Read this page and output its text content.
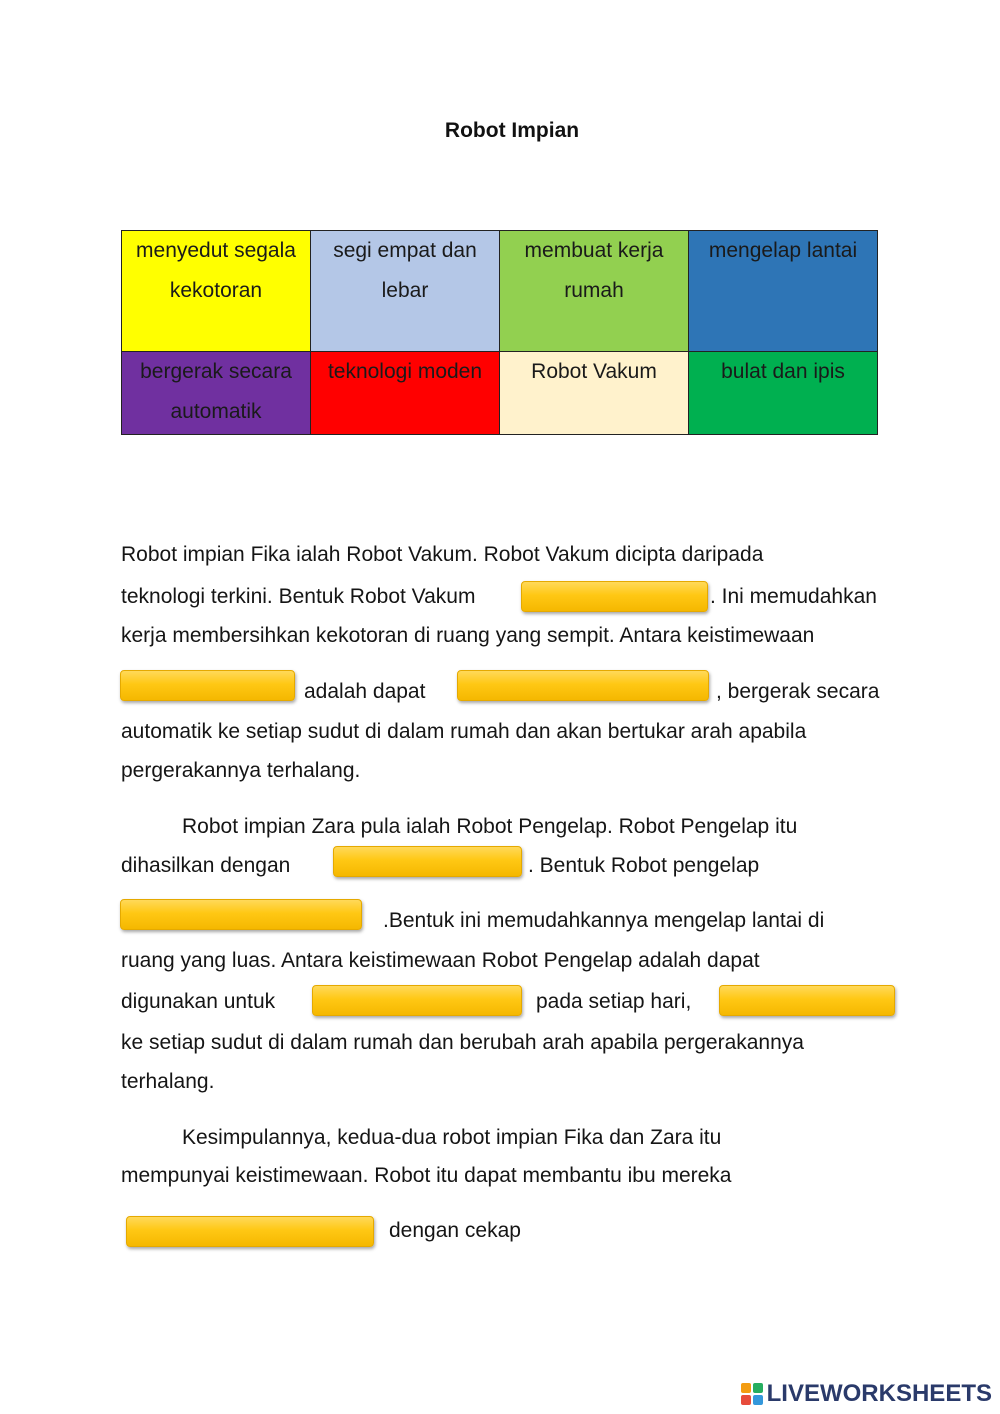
Robot Impian
menyedut segala kekotoran	segi empat dan lebar	membuat kerja rumah	mengelap lantai
bergerak secara automatik	teknologi moden	Robot Vakum	bulat dan ipis
Robot impian Fika ialah Robot Vakum. Robot Vakum dicipta daripada
teknologi terkini. Bentuk Robot Vakum	. Ini memudahkan
kerja membersihkan kekotoran di ruang yang sempit. Antara keistimewaan
adalah dapat	, bergerak secara
automatik ke setiap sudut di dalam rumah dan akan bertukar arah apabila
pergerakannya terhalang.
Robot impian Zara pula ialah Robot Pengelap. Robot Pengelap itu
dihasilkan dengan	. Bentuk Robot pengelap
.Bentuk ini memudahkannya mengelap lantai di
ruang yang luas. Antara keistimewaan Robot Pengelap adalah dapat
digunakan untuk	pada setiap hari,
ke setiap sudut di dalam rumah dan berubah arah apabila pergerakannya
terhalang.
Kesimpulannya, kedua-dua robot impian Fika dan Zara itu
mempunyai keistimewaan. Robot itu dapat membantu ibu mereka
dengan cekap
LIVEWORKSHEETS
